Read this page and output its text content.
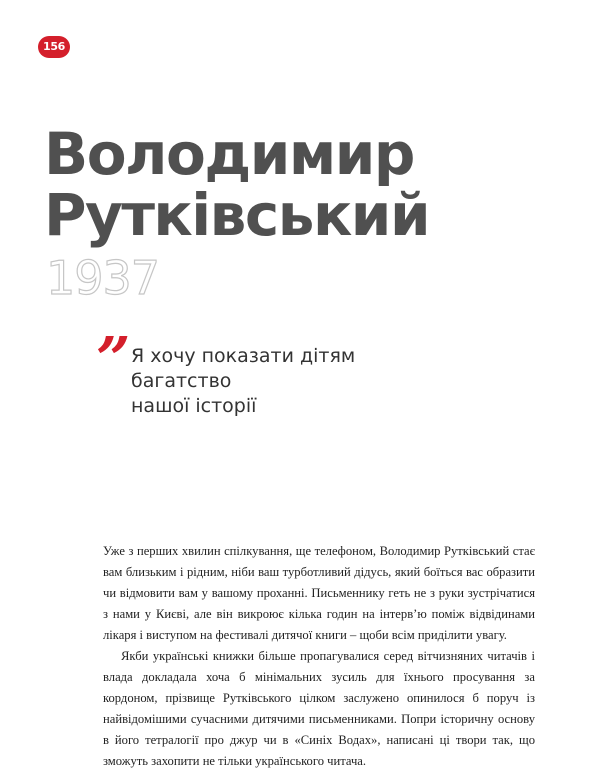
156
Володимир
Рутківський
1937
” Я хочу показати дітям багатство
нашої історії

Уже з перших хвилин спілкування, ще телефоном, Володимир Рутківський стає вам близьким і рідним, ніби ваш турботливий дідусь, який боїться вас образити чи відмовити вам у вашому проханні. Письменнику геть не з руки зустрічатися з нами у Києві, але він викроює кілька годин на інтерв’ю поміж відвідинами лікаря і виступом на фестивалі дитячої книги – щоби всім приділити увагу.

Якби українські книжки більше пропагувалися серед вітчизняних читачів і влада докладала хоча б мінімальних зусиль для їхнього просування за кордоном, прізвище Рутківського цілком заслужено опинилося б поруч із найвідомішими сучасними дитячими письменниками. Попри історичну основу в його тетралогії про джур чи в «Синіх Водах», написані ці твори так, що зможуть захопити не тільки українського читача.
